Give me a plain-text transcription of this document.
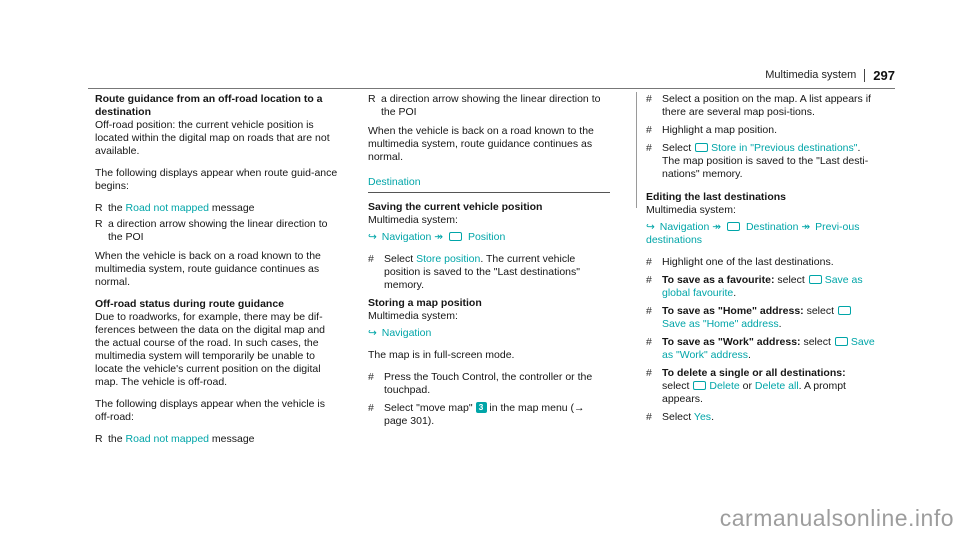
Multimedia system 297

Route guidance from an off-road location to a destination

Off-road position: the current vehicle position is located within the digital map on roads that are not available.

The following displays appear when route guid-ance begins:

R the Road not mapped message
R a direction arrow showing the linear direction to the POI

When the vehicle is back on a road known to the multimedia system, route guidance continues as normal.

Off-road status during route guidance

Due to roadworks, for example, there may be dif-ferences between the data on the digital map and the actual course of the road. In such cases, the multimedia system will temporarily be unable to locate the vehicle's current position on the digital map. The vehicle is off-road.

The following displays appear when the vehicle is off-road:

R the Road not mapped message
R a direction arrow showing the linear direction to the POI

When the vehicle is back on a road known to the multimedia system, route guidance continues as normal.

Destination

Saving the current vehicle position

Multimedia system:

↪ Navigation ↠ Position

# Select Store position. The current vehicle position is saved to the "Last destinations" memory.

Storing a map position

Multimedia system:

↪ Navigation

The map is in full-screen mode.

# Press the Touch Control, the controller or the touchpad.
# Select "move map" 3 in the map menu (→ page 301).
# Select a position on the map. A list appears if there are several map posi-tions.
# Highlight a map position.
# Select Store in "Previous destinations". The map position is saved to the "Last desti-nations" memory.

Editing the last destinations

Multimedia system:

↪ Navigation ↠ Destination ↠ Previ-ous destinations

# Highlight one of the last destinations.
# To save as a favourite: select Save as global favourite.
# To save as "Home" address: select Save as "Home" address.
# To save as "Work" address: select Save as "Work" address.
# To delete a single or all destinations:
select Delete or Delete all. A prompt appears.
# Select Yes.
carmanualsonline.info
